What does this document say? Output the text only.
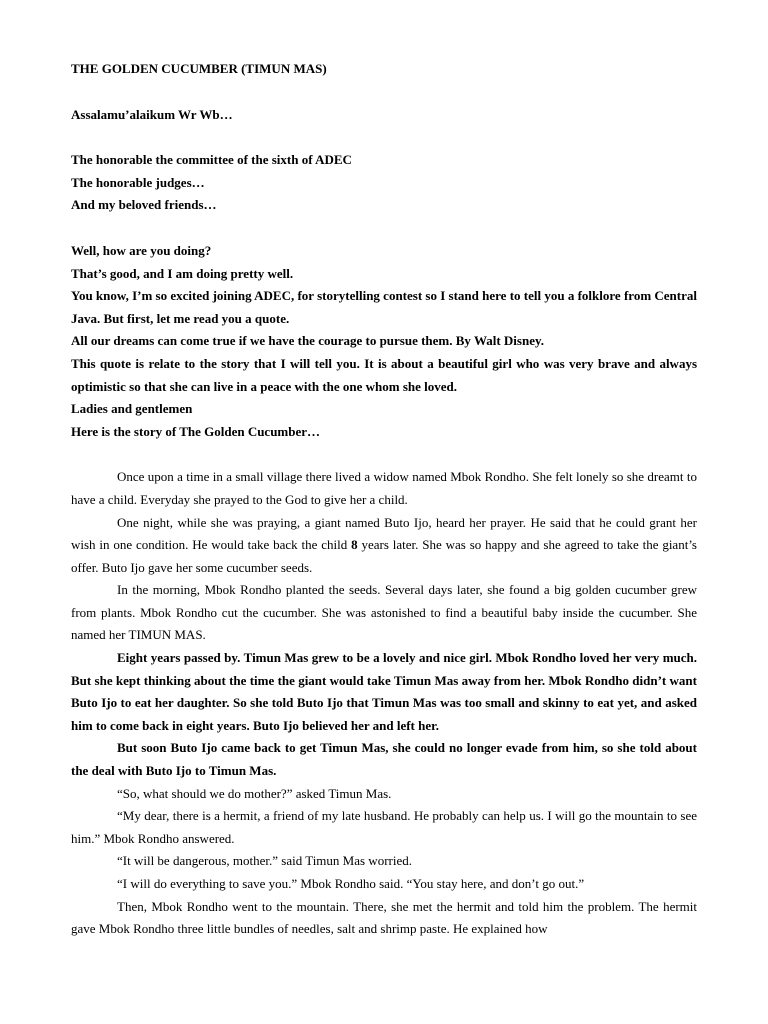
THE GOLDEN CUCUMBER (TIMUN MAS)

Assalamu’alaikum Wr Wb…

The honorable the committee of the sixth of ADEC

The honorable judges…

And my beloved friends…

Well, how are you doing?

That’s good, and I am doing pretty well.

You know, I’m so excited joining ADEC, for storytelling contest so I stand here to tell you a folklore from Central Java. But first, let me read you a quote.

All our dreams can come true if we have the courage to pursue them. By Walt Disney.

This quote is relate to the story that I will tell you. It is about a beautiful girl who was very brave and always optimistic so that she can live in a peace with the one whom she loved.

Ladies and gentlemen

Here is the story of The Golden Cucumber…

Once upon a time in a small village there lived a widow named Mbok Rondho. She felt lonely so she dreamt to have a child. Everyday she prayed to the God to give her a child.

One night, while she was praying, a giant named Buto Ijo, heard her prayer. He said that he could grant her wish in one condition. He would take back the child 8 years later. She was so happy and she agreed to take the giant’s offer. Buto Ijo gave her some cucumber seeds.

In the morning, Mbok Rondho planted the seeds. Several days later, she found a big golden cucumber grew from plants. Mbok Rondho cut the cucumber. She was astonished to find a beautiful baby inside the cucumber. She named her TIMUN MAS.

Eight years passed by. Timun Mas grew to be a lovely and nice girl. Mbok Rondho loved her very much. But she kept thinking about the time the giant would take Timun Mas away from her. Mbok Rondho didn’t want Buto Ijo to eat her daughter. So she told Buto Ijo that Timun Mas was too small and skinny to eat yet, and asked him to come back in eight years. Buto Ijo believed her and left her.

But soon Buto Ijo came back to get Timun Mas, she could no longer evade from him, so she told about the deal with Buto Ijo to Timun Mas.

“So, what should we do mother?” asked Timun Mas.

“My dear, there is a hermit, a friend of my late husband. He probably can help us. I will go the mountain to see him.” Mbok Rondho answered.

“It will be dangerous, mother.” said Timun Mas worried.

“I will do everything to save you.” Mbok Rondho said. “You stay here, and don’t go out.”

Then, Mbok Rondho went to the mountain. There, she met the hermit and told him the problem. The hermit gave Mbok Rondho three little bundles of needles, salt and shrimp paste. He explained how
